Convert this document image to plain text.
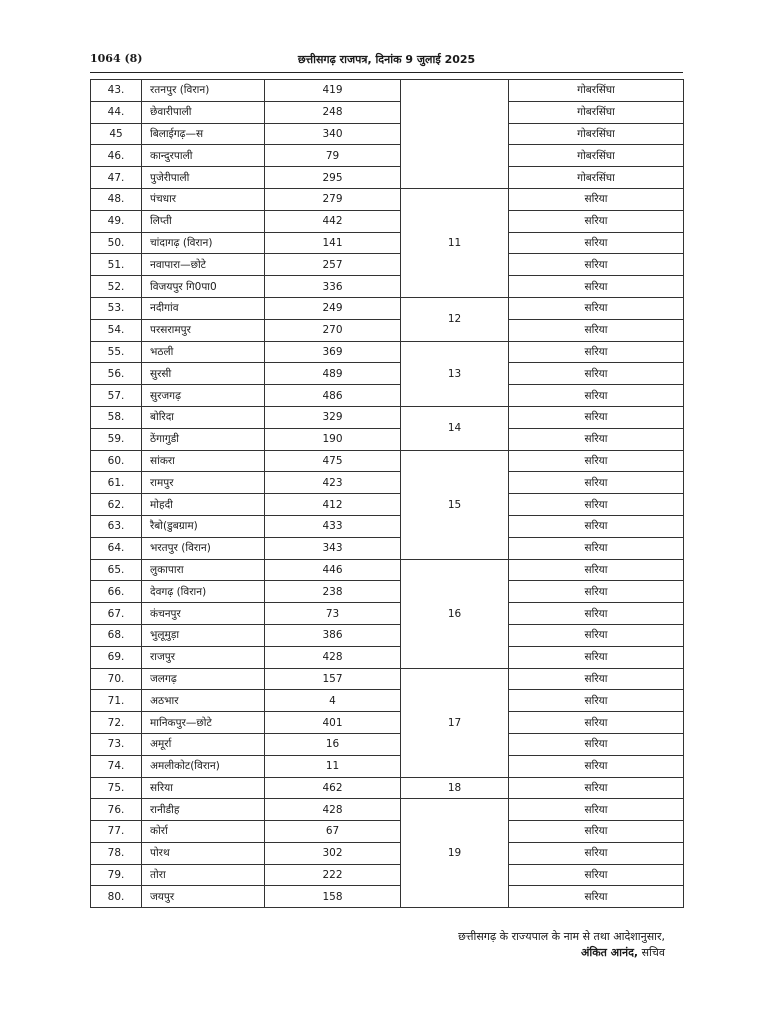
1064 (8)	छत्तीसगढ़ राजपत्र, दिनांक 9 जुलाई 2025
43.	रतनपुर (विरान)	419		गोबरसिंघा
44.	छेवारीपाली	248		गोबरसिंघा
45	बिलाईगढ़—स	340		गोबरसिंघा
46.	कान्दुरपाली	79		गोबरसिंघा
47.	पुजेरीपाली	295		गोबरसिंघा
48.	पंचधार	279	11	सरिया
49.	लिप्ती	442		सरिया
50.	चांदागढ़ (विरान)	141		सरिया
51.	नवापारा—छोटे	257		सरिया
52.	विजयपुर गि0पा0	336		सरिया
53.	नदीगांव	249	12	सरिया
54.	परसरामपुर	270		सरिया
55.	भठली	369	13	सरिया
56.	सुरसी	489		सरिया
57.	सुरजगढ़	486		सरिया
58.	बोरिदा	329	14	सरिया
59.	ठेंगागुडी	190		सरिया
60.	सांकरा	475	15	सरिया
61.	रामपुर	423		सरिया
62.	मोहदी	412		सरिया
63.	रैबो(डुबग्राम)	433		सरिया
64.	भरतपुर (विरान)	343		सरिया
65.	लुकापारा	446	16	सरिया
66.	देवगढ़ (विरान)	238		सरिया
67.	कंचनपुर	73		सरिया
68.	भुलूमुड़ा	386		सरिया
69.	राजपुर	428		सरिया
70.	जलगढ़	157	17	सरिया
71.	अठभार	4		सरिया
72.	मानिकपुर—छोटे	401		सरिया
73.	अमूर्रा	16		सरिया
74.	अमलीकोट(विरान)	11		सरिया
75.	सरिया	462	18	सरिया
76.	रानीडीह	428	19	सरिया
77.	कोर्रा	67		सरिया
78.	पोरथ	302		सरिया
79.	तोरा	222		सरिया
80.	जयपुर	158		सरिया
छत्तीसगढ़ के राज्यपाल के नाम से तथा आदेशानुसार,
अंकित आनंद, सचिव
